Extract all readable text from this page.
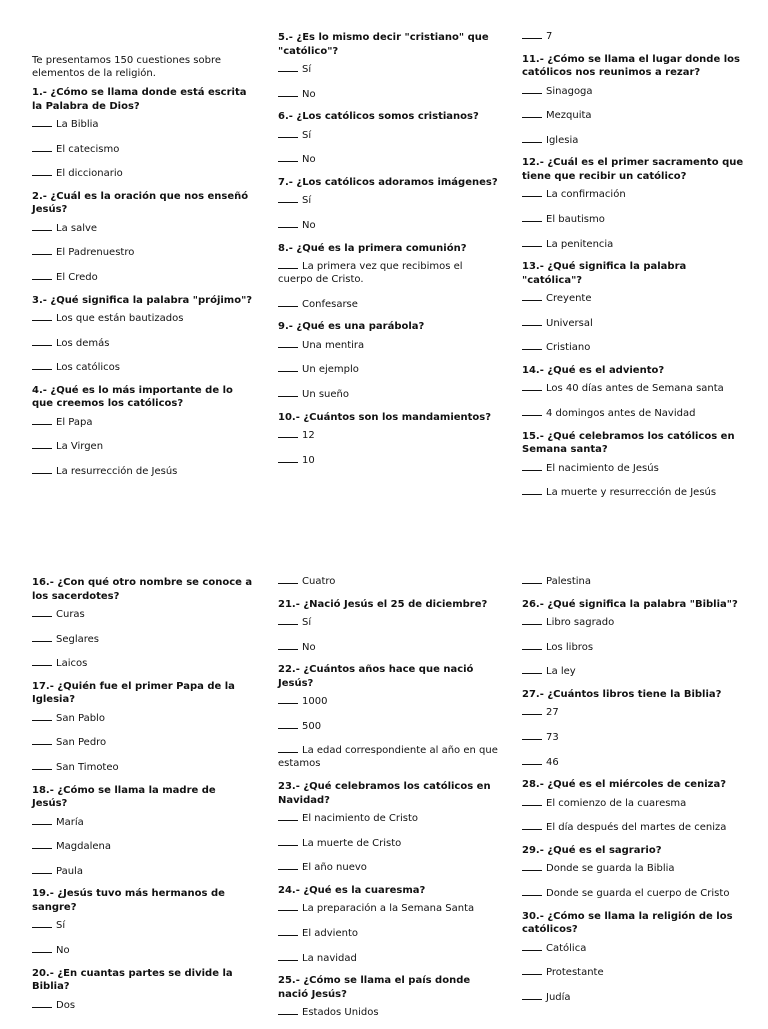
Te presentamos 150 cuestiones sobre elementos de la religión.
1.- ¿Cómo se llama donde está escrita la Palabra de Dios?
La Biblia
El catecismo
El diccionario
2.- ¿Cuál es la oración que nos enseñó Jesús?
La salve
El Padrenuestro
El Credo
3.- ¿Qué significa la palabra "prójimo"?
Los que están bautizados
Los demás
Los católicos
4.- ¿Qué es lo más importante de lo que creemos los católicos?
El Papa
La Virgen
La resurrección de Jesús
5.- ¿Es lo mismo decir "cristiano" que "católico"?
Sí
No
6.- ¿Los católicos somos cristianos?
Sí
No
7.- ¿Los católicos adoramos imágenes?
Sí
No
8.- ¿Qué es la primera comunión?
La primera vez que recibimos el cuerpo de Cristo.
Confesarse
9.- ¿Qué es una parábola?
Una mentira
Un ejemplo
Un sueño
10.- ¿Cuántos son los mandamientos?
12
10
7
11.- ¿Cómo se llama el lugar donde los católicos nos reunimos a rezar?
Sinagoga
Mezquita
Iglesia
12.- ¿Cuál es el primer sacramento que tiene que recibir un católico?
La confirmación
El bautismo
La penitencia
13.- ¿Qué significa la palabra "católica"?
Creyente
Universal
Cristiano
14.- ¿Qué es el adviento?
Los 40 días antes de Semana santa
4 domingos antes de Navidad
15.- ¿Qué celebramos los católicos en Semana santa?
El nacimiento de Jesús
La muerte y resurrección de Jesús
16.- ¿Con qué otro nombre se conoce a los sacerdotes?
Curas
Seglares
Laicos
17.- ¿Quién fue el primer Papa de la Iglesia?
San Pablo
San Pedro
San Timoteo
18.- ¿Cómo se llama la madre de Jesús?
María
Magdalena
Paula
19.- ¿Jesús tuvo más hermanos de sangre?
Sí
No
20.- ¿En cuantas partes se divide la Biblia?
Dos
Cuatro
21.- ¿Nació Jesús el 25 de diciembre?
Sí
No
22.- ¿Cuántos años hace que nació Jesús?
1000
500
La edad correspondiente al año en que estamos
23.- ¿Qué celebramos los católicos en Navidad?
El nacimiento de Cristo
La muerte de Cristo
El año nuevo
24.- ¿Qué es la cuaresma?
La preparación a la Semana Santa
El adviento
La navidad
25.- ¿Cómo se llama el país donde nació Jesús?
Estados Unidos
Palestina
26.- ¿Qué significa la palabra "Biblia"?
Libro sagrado
Los libros
La ley
27.- ¿Cuántos libros tiene la Biblia?
27
73
46
28.- ¿Qué es el miércoles de ceniza?
El comienzo de la cuaresma
El día después del martes de ceniza
29.- ¿Qué es el sagrario?
Donde se guarda la Biblia
Donde se guarda el cuerpo de Cristo
30.- ¿Cómo se llama la religión de los católicos?
Católica
Protestante
Judía
